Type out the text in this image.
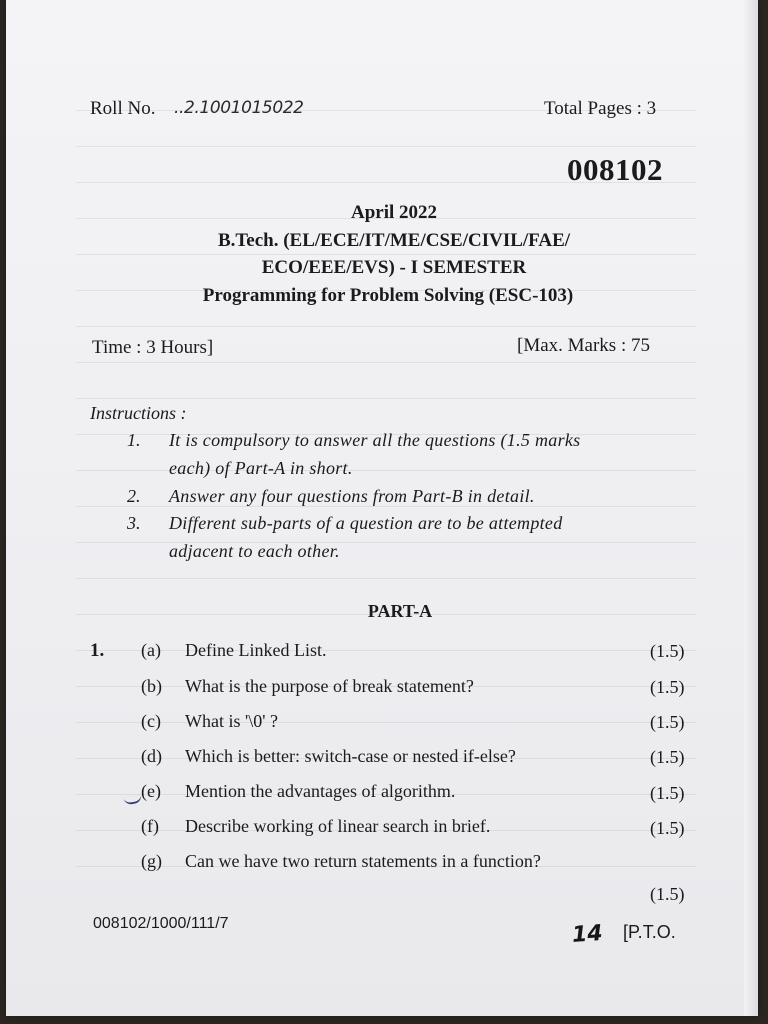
Roll No. ..2.1001015022	Total Pages : 3
008102
April 2022
B.Tech. (EL/ECE/IT/ME/CSE/CIVIL/FAE/
ECO/EEE/EVS) - I SEMESTER
Programming for Problem Solving (ESC-103)
Time : 3 Hours]	[Max. Marks : 75
Instructions :
1. It is compulsory to answer all the questions (1.5 marks
each) of Part-A in short.
2. Answer any four questions from Part-B in detail.
3. Different sub-parts of a question are to be attempted
adjacent to each other.
PART-A
1. (a) Define Linked List.	(1.5)
(b) What is the purpose of break statement?	(1.5)
(c) What is '\0' ?	(1.5)
(d) Which is better: switch-case or nested if-else?	(1.5)
(e) Mention the advantages of algorithm.	(1.5)
(f) Describe working of linear search in brief.	(1.5)
(g) Can we have two return statements in a function?
(1.5)
008102/1000/111/7	14 [P.T.O.
